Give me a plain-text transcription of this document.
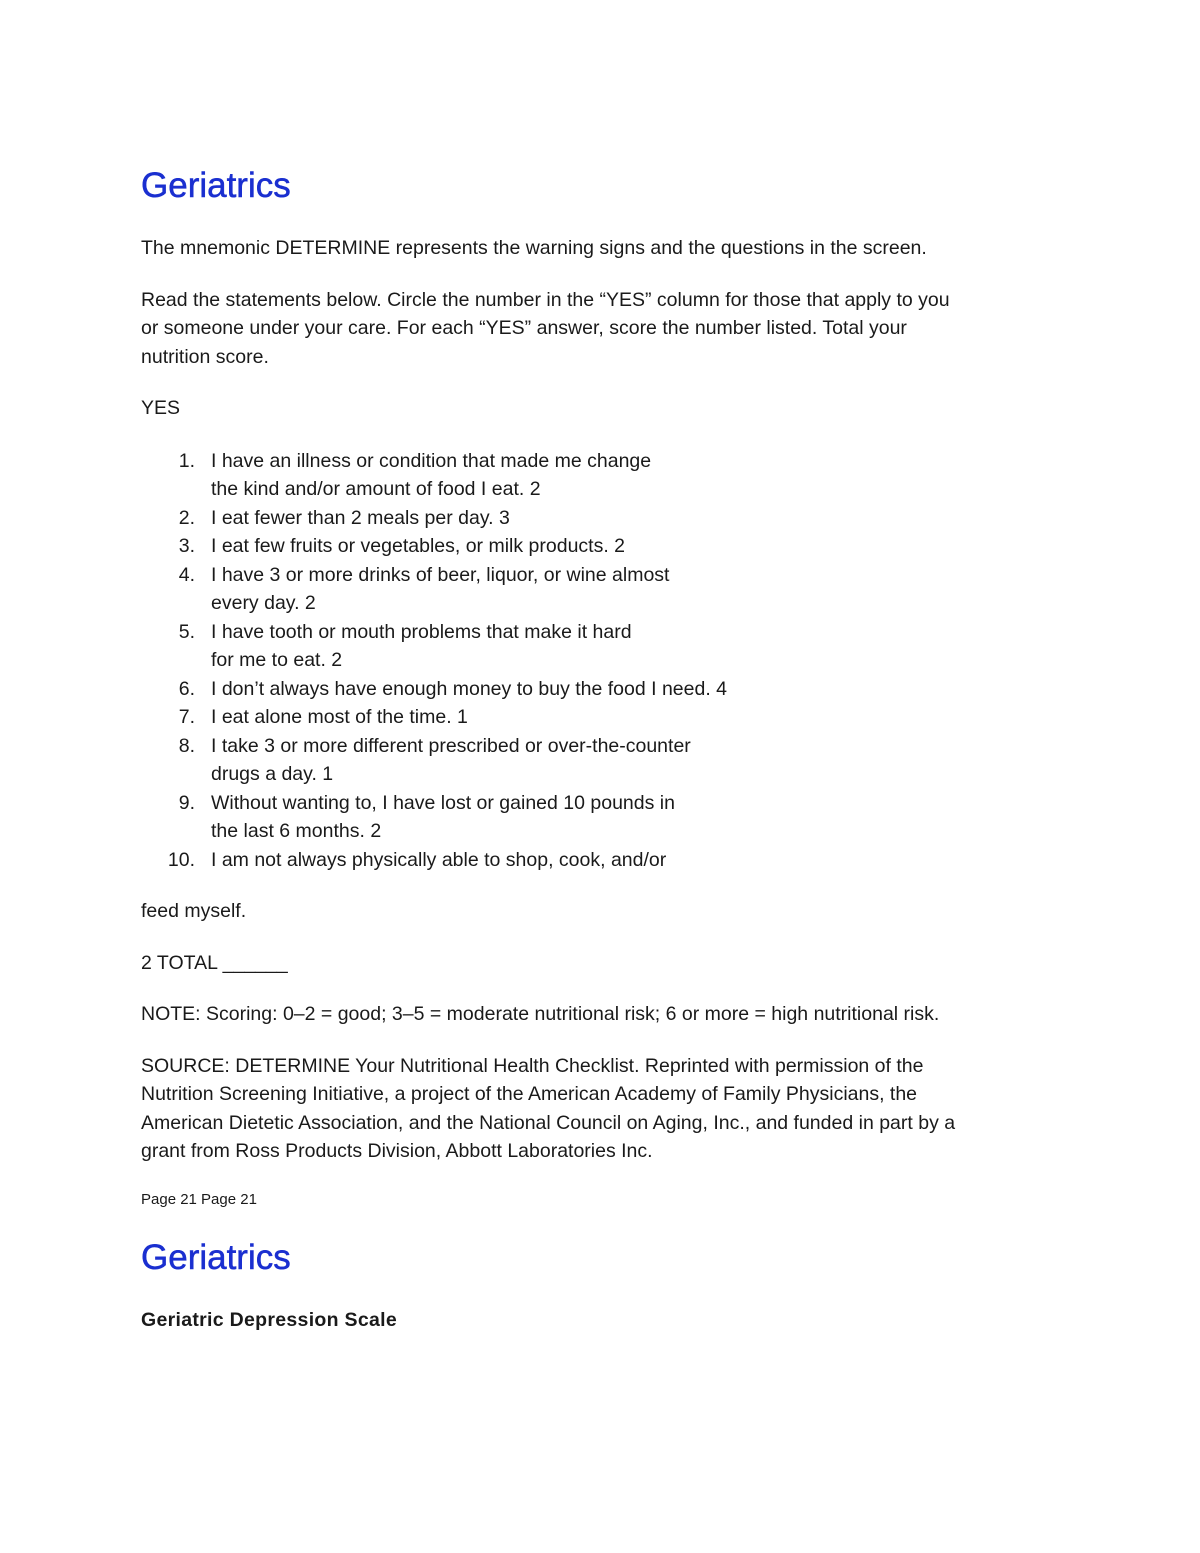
Geriatrics

The mnemonic DETERMINE represents the warning signs and the questions in the screen.

Read the statements below. Circle the number in the “YES” column for those that apply to you
or someone under your care. For each “YES” answer, score the number listed. Total your
nutrition score.

YES

1. I have an illness or condition that made me change
the kind and/or amount of food I eat. 2
2. I eat fewer than 2 meals per day. 3
3. I eat few fruits or vegetables, or milk products. 2
4. I have 3 or more drinks of beer, liquor, or wine almost
every day. 2
5. I have tooth or mouth problems that make it hard
for me to eat. 2
6. I don’t always have enough money to buy the food I need. 4
7. I eat alone most of the time. 1
8. I take 3 or more different prescribed or over-the-counter
drugs a day. 1
9. Without wanting to, I have lost or gained 10 pounds in
the last 6 months. 2
10. I am not always physically able to shop, cook, and/or

feed myself.

2 TOTAL ______

NOTE: Scoring: 0–2 = good; 3–5 = moderate nutritional risk; 6 or more = high nutritional risk.

SOURCE: DETERMINE Your Nutritional Health Checklist. Reprinted with permission of the
Nutrition Screening Initiative, a project of the American Academy of Family Physicians, the
American Dietetic Association, and the National Council on Aging, Inc., and funded in part by a
grant from Ross Products Division, Abbott Laboratories Inc.

Page 21 Page 21

Geriatrics

Geriatric Depression Scale
